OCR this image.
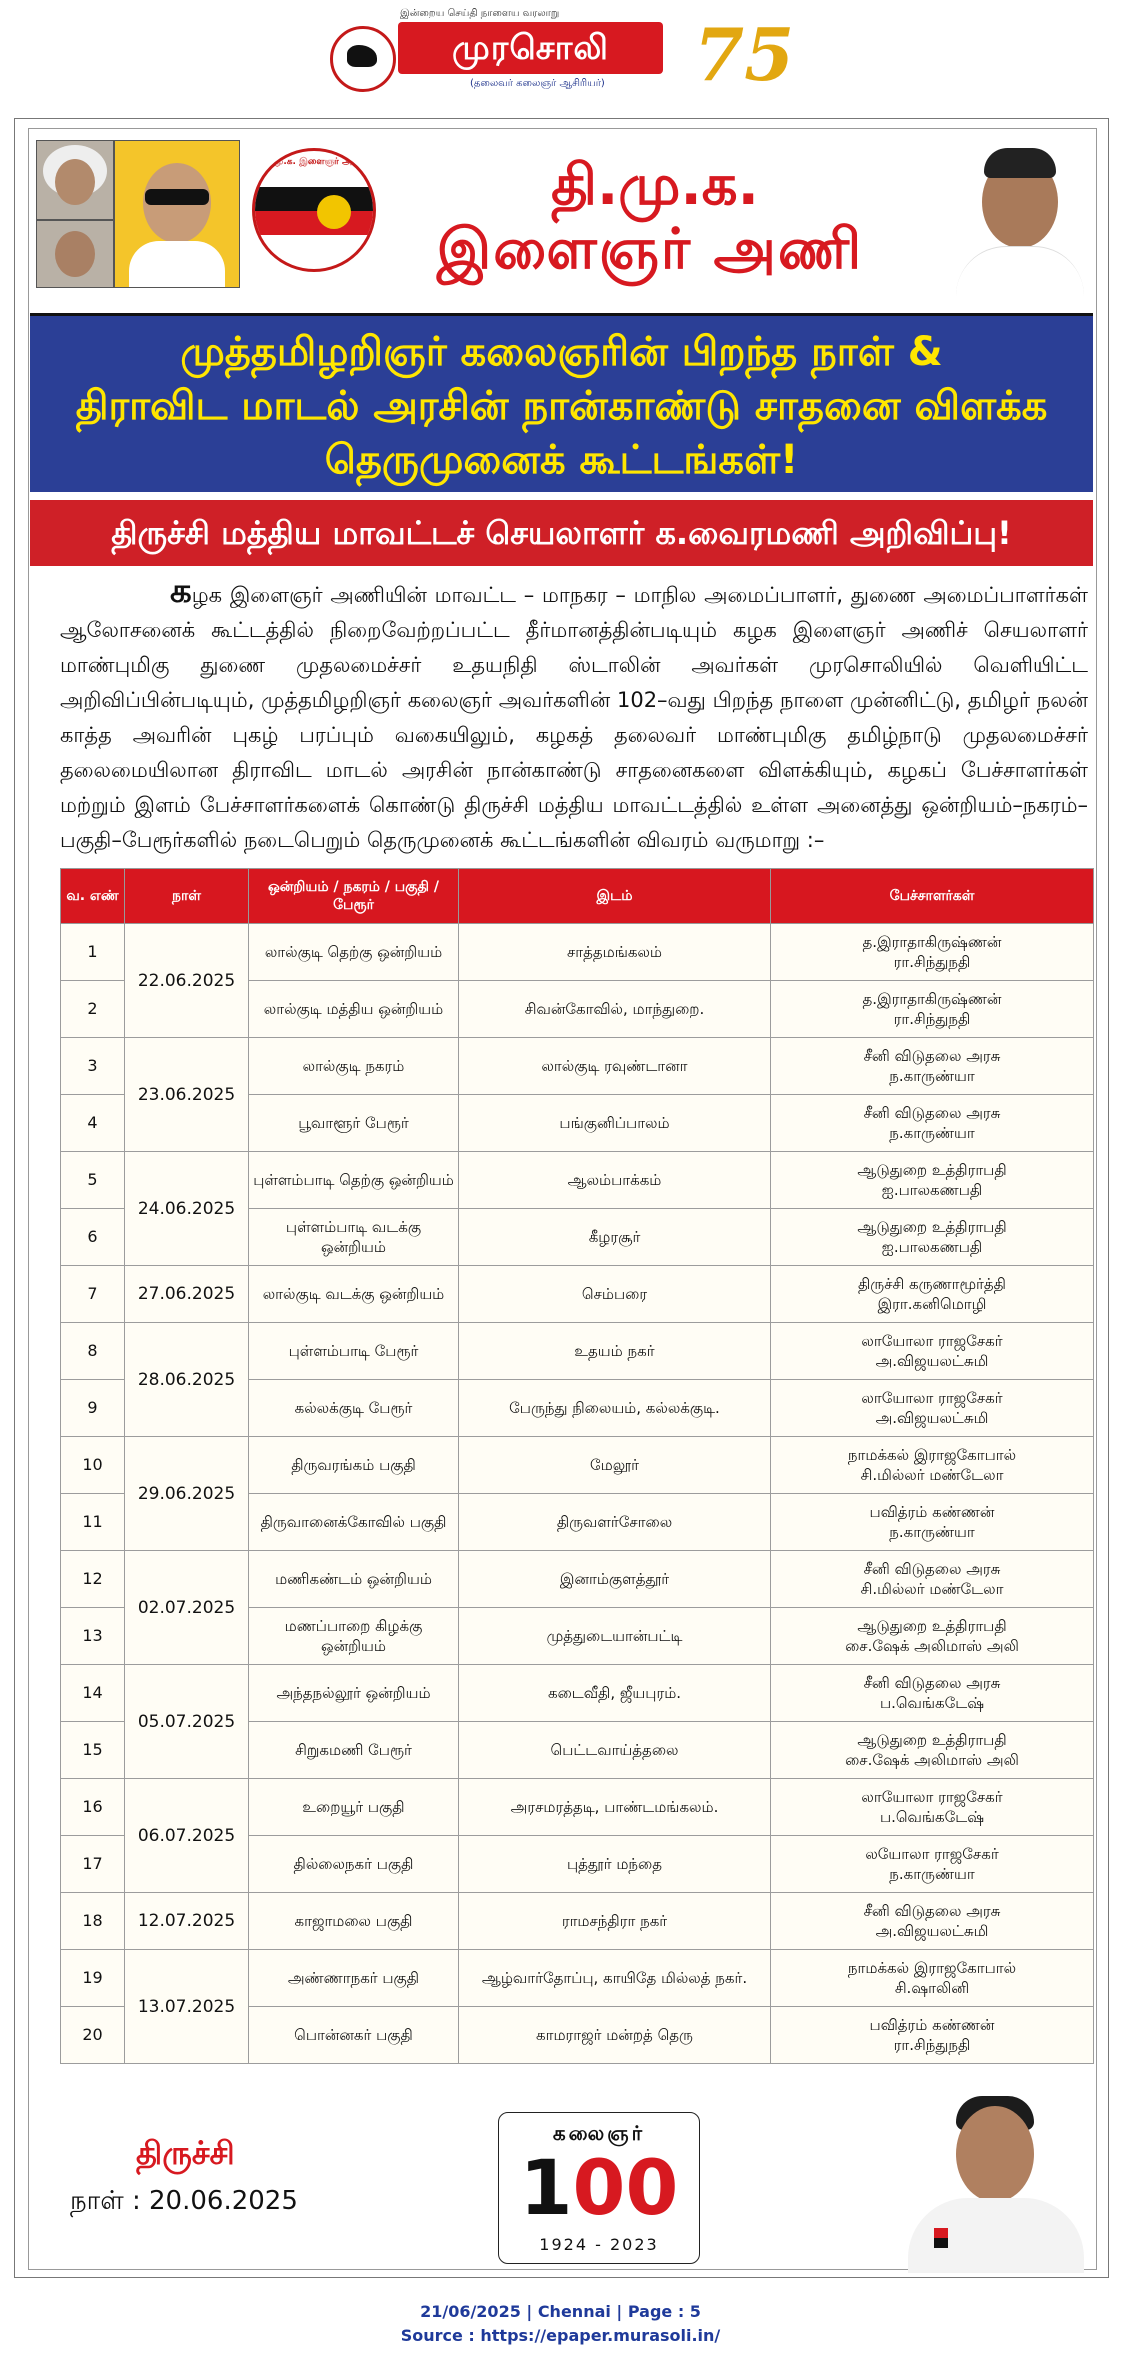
இன்றைய செய்தி நாளைய வரலாறு
முரசொலி
(தலைவர் கலைஞர் ஆசிரியர்) 75
தி.மு.க. இளைஞர் அணி	தி.மு.க.
இளைஞர் அணி
முத்தமிழறிஞர் கலைஞரின் பிறந்த நாள் &
திராவிட மாடல் அரசின் நான்காண்டு சாதனை விளக்க
தெருமுனைக் கூட்டங்கள்!
திருச்சி மத்திய மாவட்டச் செயலாளர் க.வைரமணி அறிவிப்பு!
கழக இளைஞர் அணியின் மாவட்ட – மாநகர – மாநில அமைப்பாளர், துணை அமைப்பாளர்கள் ஆலோசனைக் கூட்டத்தில் நிறைவேற்றப்பட்ட தீர்மானத்தின்படியும் கழக இளைஞர் அணிச் செயலாளர் மாண்புமிகு துணை முதலமைச்சர் உதயநிதி ஸ்டாலின் அவர்கள் முரசொலியில் வெளியிட்ட அறிவிப்பின்படியும், முத்தமிழறிஞர் கலைஞர் அவர்களின் 102–வது பிறந்த நாளை முன்னிட்டு, தமிழர் நலன் காத்த அவரின் புகழ் பரப்பும் வகையிலும், கழகத் தலைவர் மாண்புமிகு தமிழ்நாடு முதலமைச்சர் தலைமையிலான திராவிட மாடல் அரசின் நான்காண்டு சாதனைகளை விளக்கியும், கழகப் பேச்சாளர்கள் மற்றும் இளம் பேச்சாளர்களைக் கொண்டு திருச்சி மத்திய மாவட்டத்தில் உள்ள அனைத்து ஒன்றியம்–நகரம்–பகுதி–பேரூர்களில் நடைபெறும் தெருமுனைக் கூட்டங்களின் விவரம் வருமாறு :–
வ. எண்	நாள்	ஒன்றியம் / நகரம் / பகுதி / பேரூர்	இடம்	பேச்சாளர்கள்
1	22.06.2025	லால்குடி தெற்கு ஒன்றியம்	சாத்தமங்கலம்	த.இராதாகிருஷ்ணன்
ரா.சிந்துநதி

2		லால்குடி மத்திய ஒன்றியம்	சிவன்கோவில், மாந்துறை.	த.இராதாகிருஷ்ணன்
ரா.சிந்துநதி

3	23.06.2025	லால்குடி நகரம்	லால்குடி ரவுண்டானா	சீனி விடுதலை அரசு
ந.காருண்யா

4		பூவாளூர் பேரூர்	பங்குனிப்பாலம்	சீனி விடுதலை அரசு
ந.காருண்யா

5	24.06.2025	புள்ளம்பாடி தெற்கு ஒன்றியம்	ஆலம்பாக்கம்	ஆடுதுறை உத்திராபதி
ஐ.பாலகணபதி

6		புள்ளம்பாடி வடக்கு ஒன்றியம்	கீழரசூர்	ஆடுதுறை உத்திராபதி
ஐ.பாலகணபதி

7	27.06.2025	லால்குடி வடக்கு ஒன்றியம்	செம்பரை	திருச்சி கருணாமூர்த்தி
இரா.கனிமொழி

8	28.06.2025	புள்ளம்பாடி பேரூர்	உதயம் நகர்	லாயோலா ராஜசேகர்
அ.விஜயலட்சுமி

9		கல்லக்குடி பேரூர்	பேருந்து நிலையம், கல்லக்குடி.	லாயோலா ராஜசேகர்
அ.விஜயலட்சுமி

10	29.06.2025	திருவரங்கம் பகுதி	மேலூர்	நாமக்கல் இராஜகோபால்
சி.மில்லர் மண்டேலா

11		திருவானைக்கோவில் பகுதி	திருவளர்சோலை	பவித்ரம் கண்ணன்
ந.காருண்யா

12	02.07.2025	மணிகண்டம் ஒன்றியம்	இனாம்குளத்தூர்	சீனி விடுதலை அரசு
சி.மில்லர் மண்டேலா

13		மணப்பாறை கிழக்கு ஒன்றியம்	முத்துடையான்பட்டி	ஆடுதுறை உத்திராபதி
சை.ஷேக் அலிமாஸ் அலி

14	05.07.2025	அந்தநல்லூர் ஒன்றியம்	கடைவீதி, ஜீயபுரம்.	சீனி விடுதலை அரசு
ப.வெங்கடேஷ்

15		சிறுகமணி பேரூர்	பெட்டவாய்த்தலை	ஆடுதுறை உத்திராபதி
சை.ஷேக் அலிமாஸ் அலி

16	06.07.2025	உறையூர் பகுதி	அரசமரத்தடி, பாண்டமங்கலம்.	லாயோலா ராஜசேகர்
ப.வெங்கடேஷ்

17		தில்லைநகர் பகுதி	புத்தூர் மந்தை	லயோலா ராஜசேகர்
ந.காருண்யா

18	12.07.2025	காஜாமலை பகுதி	ராமசந்திரா நகர்	சீனி விடுதலை அரசு
அ.விஜயலட்சுமி

19	13.07.2025	அண்ணாநகர் பகுதி	ஆழ்வார்தோப்பு, காயிதே மில்லத் நகர்.	நாமக்கல் இராஜகோபால்
சி.ஷாலினி

20		பொன்னகர் பகுதி	காமராஜர் மன்றத் தெரு	பவித்ரம் கண்ணன்
ரா.சிந்துநதி
திருச்சி
நாள் : 20.06.2025
கலைஞர்
100
1924 - 2023
21/06/2025 | Chennai | Page : 5
Source : https://epaper.murasoli.in/
